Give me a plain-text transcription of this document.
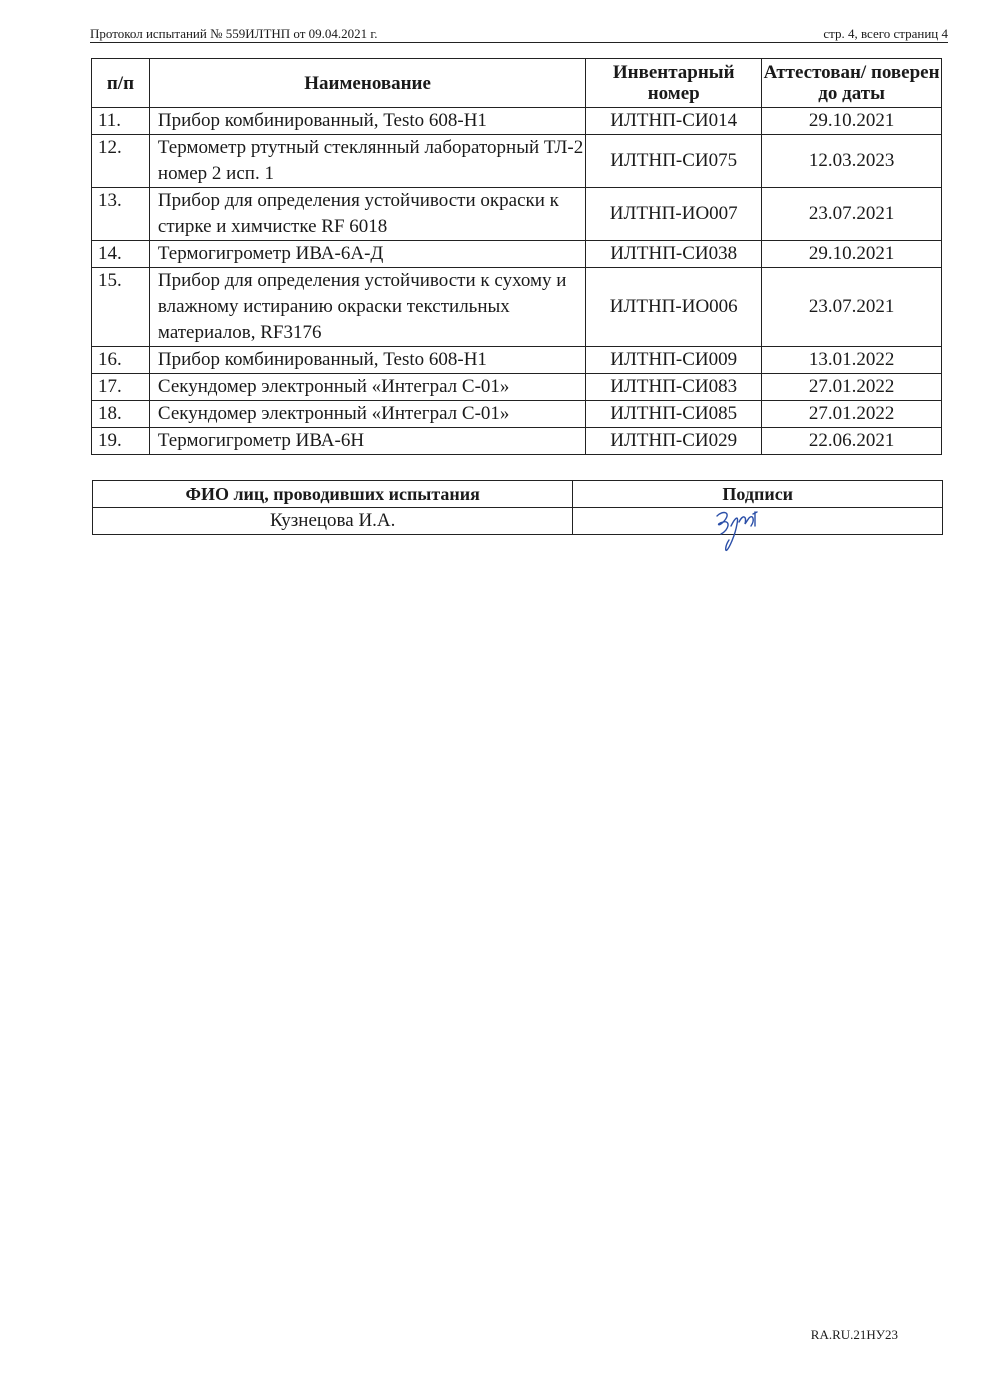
Протокол испытаний № 559ИЛТНП от 09.04.2021 г.	стр. 4, всего страниц 4
п/п	Наименование	Инвентарный номер	Аттестован/ поверен до даты
11.	Прибор комбинированный, Testo 608-H1	ИЛТНП-СИ014	29.10.2021
12.	Термометр ртутный стеклянный лабораторный ТЛ-2 номер 2 исп. 1	ИЛТНП-СИ075	12.03.2023
13.	Прибор для определения устойчивости окраски к стирке и химчистке RF 6018	ИЛТНП-ИО007	23.07.2021
14.	Термогигрометр ИВА-6А-Д	ИЛТНП-СИ038	29.10.2021
15.	Прибор для определения устойчивости к сухому и влажному истиранию окраски текстильных материалов, RF3176	ИЛТНП-ИО006	23.07.2021
16.	Прибор комбинированный, Testo 608-H1	ИЛТНП-СИ009	13.01.2022
17.	Секундомер электронный «Интеграл С-01»	ИЛТНП-СИ083	27.01.2022
18.	Секундомер электронный «Интеграл С-01»	ИЛТНП-СИ085	27.01.2022
19.	Термогигрометр ИВА-6Н	ИЛТНП-СИ029	22.06.2021
ФИО лиц, проводивших испытания	Подписи
Кузнецова И.А.	
RA.RU.21НУ23
